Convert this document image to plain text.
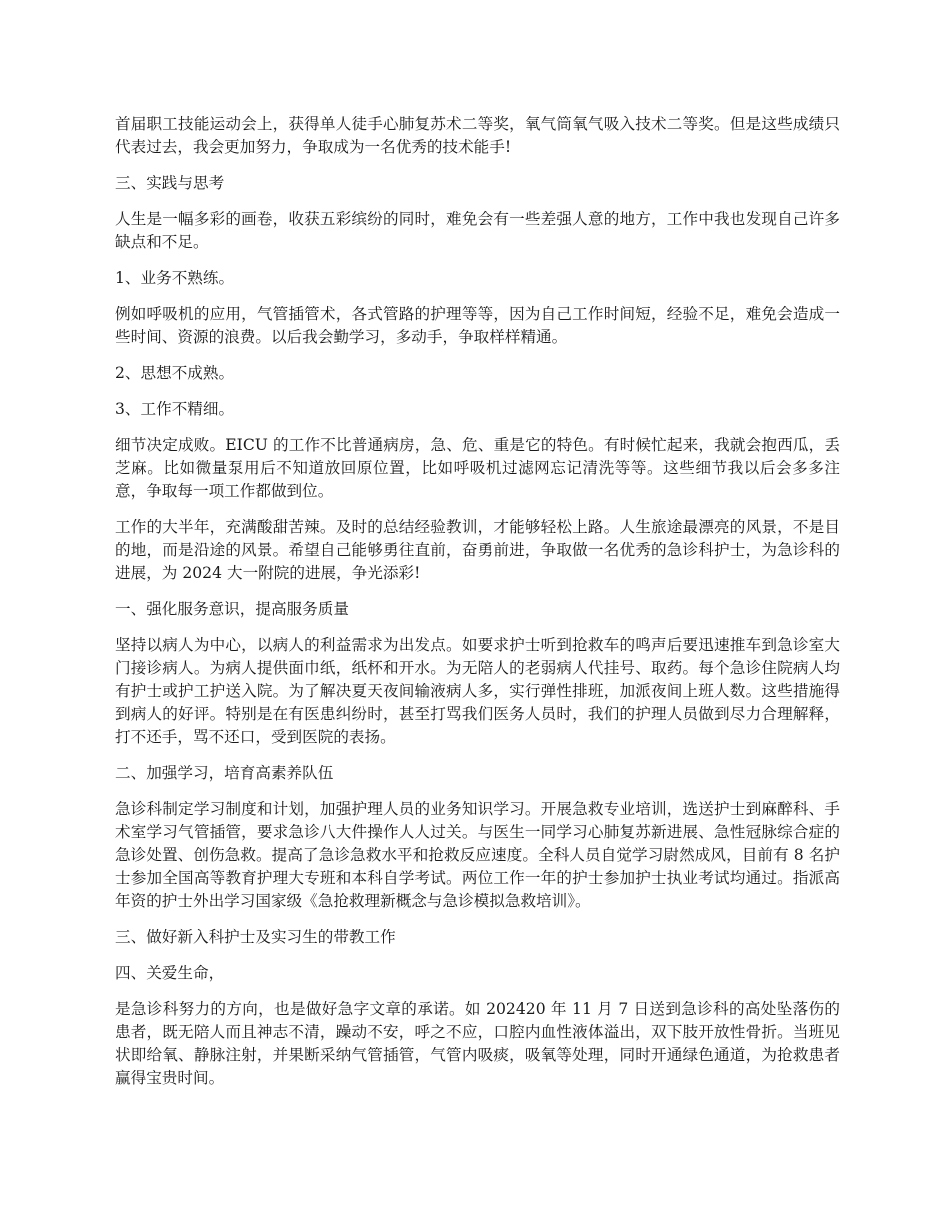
首届职工技能运动会上，获得单人徒手心肺复苏术二等奖，氧气筒氧气吸入技术二等奖。但是这些成绩只代表过去，我会更加努力，争取成为一名优秀的技术能手!

三、实践与思考

人生是一幅多彩的画卷，收获五彩缤纷的同时，难免会有一些差强人意的地方，工作中我也发现自己许多缺点和不足。

1、业务不熟练。

例如呼吸机的应用，气管插管术，各式管路的护理等等，因为自己工作时间短，经验不足，难免会造成一些时间、资源的浪费。以后我会勤学习，多动手，争取样样精通。

2、思想不成熟。

3、工作不精细。

细节决定成败。EICU 的工作不比普通病房，急、危、重是它的特色。有时候忙起来，我就会抱西瓜，丢芝麻。比如微量泵用后不知道放回原位置，比如呼吸机过滤网忘记清洗等等。这些细节我以后会多多注意，争取每一项工作都做到位。

工作的大半年，充满酸甜苦辣。及时的总结经验教训，才能够轻松上路。人生旅途最漂亮的风景，不是目的地，而是沿途的风景。希望自己能够勇往直前，奋勇前进，争取做一名优秀的急诊科护士，为急诊科的进展，为 2024 大一附院的进展，争光添彩!

一、强化服务意识，提高服务质量

坚持以病人为中心，以病人的利益需求为出发点。如要求护士听到抢救车的鸣声后要迅速推车到急诊室大门接诊病人。为病人提供面巾纸，纸杯和开水。为无陪人的老弱病人代挂号、取药。每个急诊住院病人均有护士或护工护送入院。为了解决夏天夜间输液病人多，实行弹性排班，加派夜间上班人数。这些措施得到病人的好评。特别是在有医患纠纷时，甚至打骂我们医务人员时，我们的护理人员做到尽力合理解释，打不还手，骂不还口，受到医院的表扬。

二、加强学习，培育高素养队伍

急诊科制定学习制度和计划，加强护理人员的业务知识学习。开展急救专业培训，选送护士到麻醉科、手术室学习气管插管，要求急诊八大件操作人人过关。与医生一同学习心肺复苏新进展、急性冠脉综合症的急诊处置、创伤急救。提高了急诊急救水平和抢救反应速度。全科人员自觉学习尉然成风，目前有 8 名护士参加全国高等教育护理大专班和本科自学考试。两位工作一年的护士参加护士执业考试均通过。指派高年资的护士外出学习国家级《急抢救理新概念与急诊模拟急救培训》。

三、做好新入科护士及实习生的带教工作

四、关爱生命，

是急诊科努力的方向，也是做好急字文章的承诺。如 202420 年 11 月 7 日送到急诊科的高处坠落伤的患者，既无陪人而且神志不清，躁动不安，呼之不应，口腔内血性液体溢出，双下肢开放性骨折。当班见状即给氧、静脉注射，并果断采纳气管插管，气管内吸痰，吸氧等处理，同时开通绿色通道，为抢救患者赢得宝贵时间。
